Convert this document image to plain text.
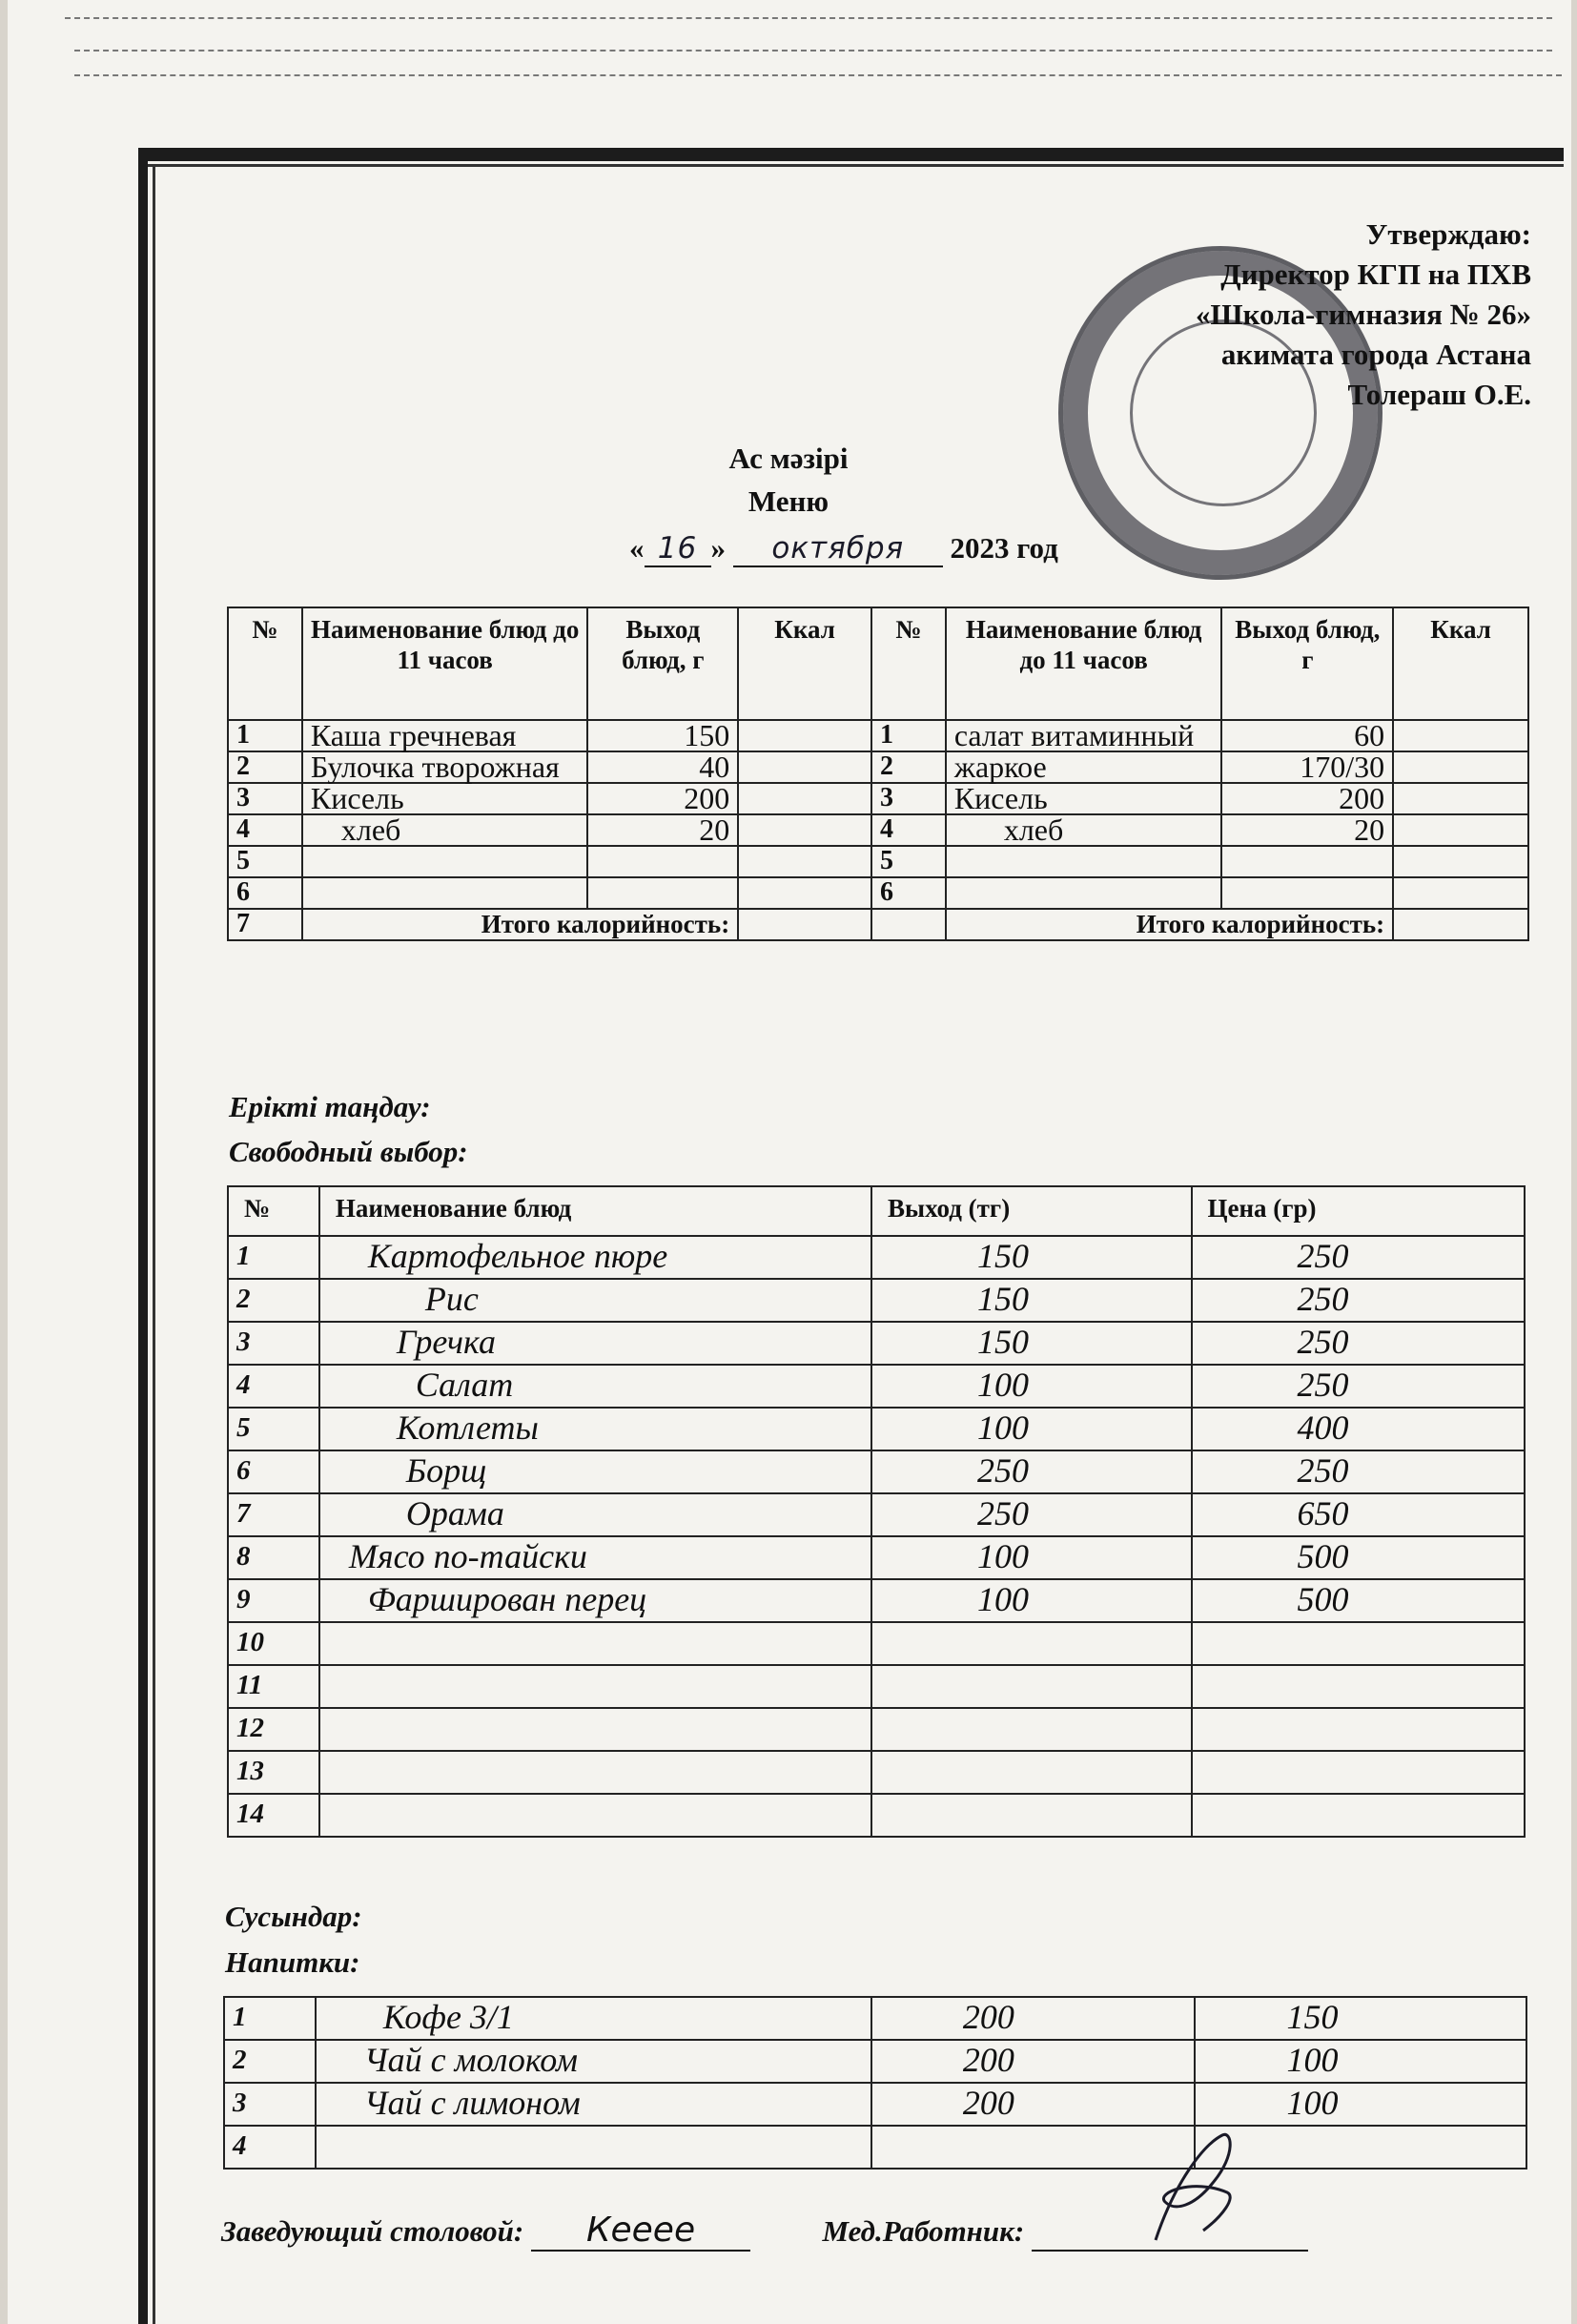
Утверждаю:
Директор КГП на ПХВ
«Школа-гимназия № 26»
акимата города Астана
Толераш О.Е.
Ас мәзірі
Меню
« 16 » октября 2023 год
№	Наименование блюд до 11 часов	Выход блюд, г	Ккал	№	Наименование блюд до 11 часов	Выход блюд, г	Ккал
1	Каша гречневая	150		1	салат витаминный	60	
2	Булочка творожная	40		2	жаркое	170/30	
3	Кисель	200		3	Кисель	200	
4	хлеб	20		4	хлеб	20	
5				5			
6				6			
7	Итого калорийность:				Итого калорийность:		
Ерікті таңдау:
Свободный выбор:
№	Наименование блюд	Выход (тг)	Цена (гр)
1	Картофельное пюре	150	250
2	Рис	150	250
3	Гречка	150	250
4	Салат	100	250
5	Котлеты	100	400
6	Борщ	250	250
7	Орама	250	650
8	Мясо по-тайски	100	500
9	Фарширован перец	100	500
10			
11			
12			
13			
14			
Сусындар:
Напитки:
1	Кофе 3/1	200	150
2	Чай с молоком	200	100
3	Чай с лимоном	200	100
4			
Заведующий столовой: Кееее	Мед.Работник:
